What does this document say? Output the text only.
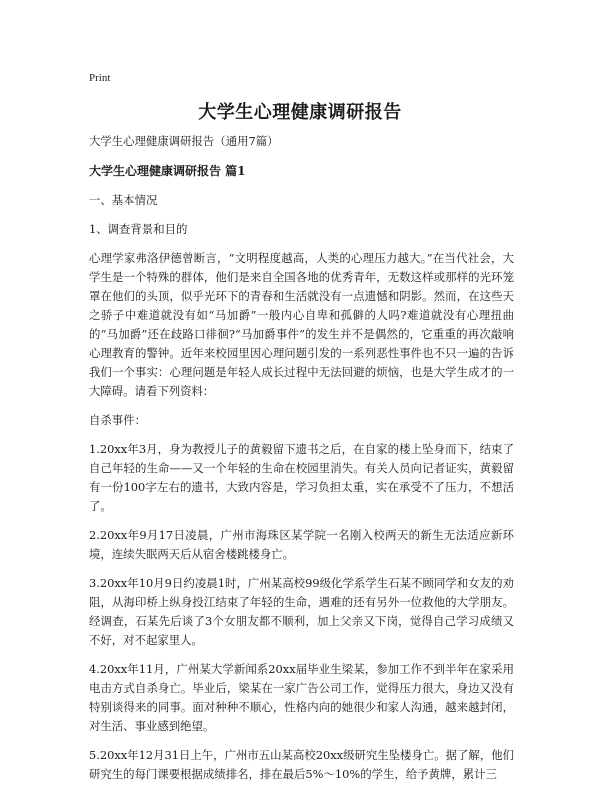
Print
大学生心理健康调研报告

大学生心理健康调研报告（通用7篇）

大学生心理健康调研报告 篇1

一、基本情况

1、调查背景和目的

心理学家弗洛伊德曾断言，“文明程度越高，人类的心理压力越大。”在当代社会，大学生是一个特殊的群体，他们是来自全国各地的优秀青年，无数这样或那样的光环笼罩在他们的头顶，似乎光环下的青春和生活就没有一点遗憾和阴影。然而，在这些天之骄子中难道就没有如“马加爵”一般内心自卑和孤僻的人吗?难道就没有心理扭曲的“马加爵”还在歧路口徘徊?“马加爵事件”的发生并不是偶然的，它重重的再次敲响心理教育的警钟。近年来校园里因心理问题引发的一系列恶性事件也不只一遍的告诉我们一个事实：心理问题是年轻人成长过程中无法回避的烦恼，也是大学生成才的一大障碍。请看下列资料：

自杀事件：

1.20xx年3月，身为教授儿子的黄毅留下遗书之后，在自家的楼上坠身而下，结束了自己年轻的生命——又一个年轻的生命在校园里消失。有关人员向记者证实，黄毅留有一份100字左右的遗书，大致内容是，学习负担太重，实在承受不了压力，不想活了。

2.20xx年9月17日凌晨，广州市海珠区某学院一名刚入校两天的新生无法适应新环境，连续失眠两天后从宿舍楼跳楼身亡。

3.20xx年10月9日约凌晨1时，广州某高校99级化学系学生石某不顾同学和女友的劝阻，从海印桥上纵身投江结束了年轻的生命，遇难的还有另外一位救他的大学朋友。经调查，石某先后谈了3个女朋友都不顺利，加上父亲又下岗，觉得自己学习成绩又不好，对不起家里人。

4.20xx年11月，广州某大学新闻系20xx届毕业生梁某，参加工作不到半年在家采用电击方式自杀身亡。毕业后，梁某在一家广告公司工作，觉得压力很大，身边又没有特别谈得来的同事。面对种种不顺心，性格内向的她很少和家人沟通，越来越封闭，对生活、事业感到绝望。

5.20xx年12月31日上午，广州市五山某高校20xx级研究生坠楼身亡。据了解，他们研究生的每门课要根据成绩排名，排在最后5%～10%的学生，给予黄牌，累计三
